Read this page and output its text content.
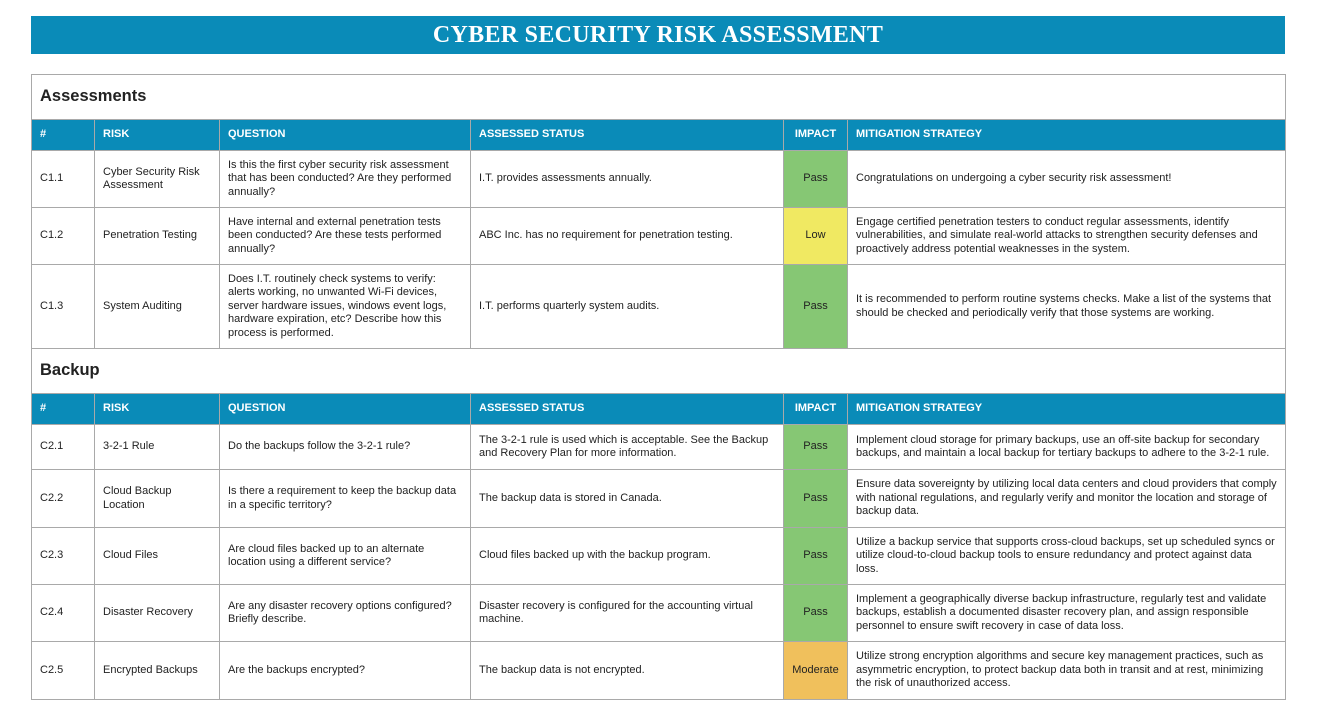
CYBER SECURITY RISK ASSESSMENT
Assessments					
#	RISK	QUESTION	ASSESSED STATUS	IMPACT	MITIGATION STRATEGY
C1.1	Cyber Security Risk Assessment	Is this the first cyber security risk assessment that has been conducted? Are they performed annually?	I.T. provides assessments annually.	Pass	Congratulations on undergoing a cyber security risk assessment!
C1.2	Penetration Testing	Have internal and external penetration tests been conducted? Are these tests performed annually?	ABC Inc. has no requirement for penetration testing.	Low	Engage certified penetration testers to conduct regular assessments, identify vulnerabilities, and simulate real-world attacks to strengthen security defenses and proactively address potential weaknesses in the system.
C1.3	System Auditing	Does I.T. routinely check systems to verify: alerts working, no unwanted Wi-Fi devices, server hardware issues, windows event logs, hardware expiration, etc? Describe how this process is performed.	I.T. performs quarterly system audits.	Pass	It is recommended to perform routine systems checks. Make a list of the systems that should be checked and periodically verify that those systems are working.
Backup					
#	RISK	QUESTION	ASSESSED STATUS	IMPACT	MITIGATION STRATEGY
C2.1	3-2-1 Rule	Do the backups follow the 3-2-1 rule?	The 3-2-1 rule is used which is acceptable. See the Backup and Recovery Plan for more information.	Pass	Implement cloud storage for primary backups, use an off-site backup for secondary backups, and maintain a local backup for tertiary backups to adhere to the 3-2-1 rule.
C2.2	Cloud Backup Location	Is there a requirement to keep the backup data in a specific territory?	The backup data is stored in Canada.	Pass	Ensure data sovereignty by utilizing local data centers and cloud providers that comply with national regulations, and regularly verify and monitor the location and storage of backup data.
C2.3	Cloud Files	Are cloud files backed up to an alternate location using a different service?	Cloud files backed up with the backup program.	Pass	Utilize a backup service that supports cross-cloud backups, set up scheduled syncs or utilize cloud-to-cloud backup tools to ensure redundancy and protect against data loss.
C2.4	Disaster Recovery	Are any disaster recovery options configured? Briefly describe.	Disaster recovery is configured for the accounting virtual machine.	Pass	Implement a geographically diverse backup infrastructure, regularly test and validate backups, establish a documented disaster recovery plan, and assign responsible personnel to ensure swift recovery in case of data loss.
C2.5	Encrypted Backups	Are the backups encrypted?	The backup data is not encrypted.	Moderate	Utilize strong encryption algorithms and secure key management practices, such as asymmetric encryption, to protect backup data both in transit and at rest, minimizing the risk of unauthorized access.
